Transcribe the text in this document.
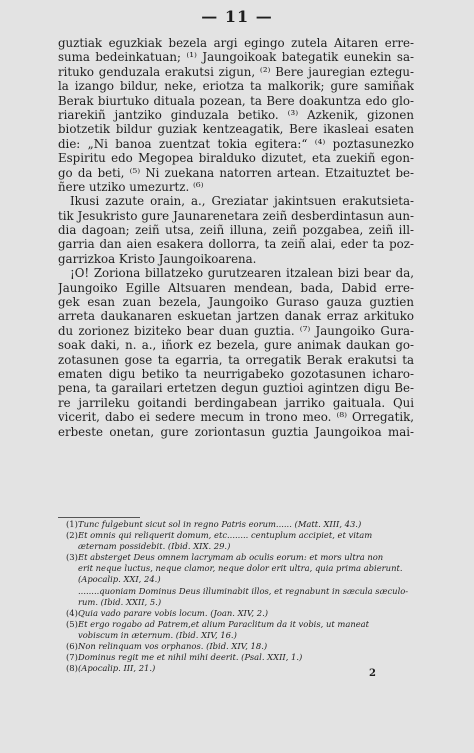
— 11 —
guztiak eguzkiak bezela argi egingo zutela Aitaren erre-
suma bedeinkatuan; ⁽¹⁾ Jaungoikoak bategatik eunekin sa-
rituko genduzala erakutsi zigun, ⁽²⁾ Bere jauregian eztegu-
la izango bildur, neke, eriotza ta malkorik; gure samiñak
Berak biurtuko dituala pozean, ta Bere doakuntza edo glo-
riarekiñ jantziko ginduzala betiko. ⁽³⁾ Azkenik, gizonen
biotzetik bildur guziak kentzeagatik, Bere ikasleai esaten
die: „Ni banoa zuentzat tokia egitera:“ ⁽⁴⁾ poztasunezko
Espiritu edo Megopea biralduko dizutet, eta zuekiñ egon-
go da beti, ⁽⁵⁾ Ni zuekana natorren artean. Etzaituztet be-
ñere utziko umezurtz. ⁽⁶⁾
Ikusi zazute orain, a., Greziatar jakintsuen erakutsieta-
tik Jesukristo gure Jaunarenetara zeiñ desberdintasun aun-
dia dagoan; zeiñ utsa, zeiñ illuna, zeiñ pozgabea, zeiñ ill-
garria dan aien esakera dollorra, ta zeiñ alai, eder ta poz-
garrizkoa Kristo Jaungoikoarena.
¡O! Zoriona billatzeko gurutzearen itzalean bizi bear da,
Jaungoiko Egille Altsuaren mendean, bada, Dabid erre-
gek esan zuan bezela, Jaungoiko Guraso gauza guztien
arreta daukanaren eskuetan jartzen danak erraz arkituko
du zorionez biziteko bear duan guztia. ⁽⁷⁾ Jaungoiko Gura-
soak daki, n. a., iñork ez bezela, gure animak daukan go-
zotasunen gose ta egarria, ta orregatik Berak erakutsi ta
ematen digu betiko ta neurrigabeko gozotasunen icharo-
pena, ta garailari ertetzen degun guztioi agintzen digu Be-
re jarrileku goitandi berdingabean jarriko gaituala. Qui
vicerit, dabo ei sedere mecum in trono meo. ⁽⁸⁾ Orregatik,
erbeste onetan, gure zoriontasun guztia Jaungoikoa mai-
(1)Tunc fulgebunt sicut sol in regno Patris eorum...... (Matt. XIII, 43.)
(2)Et omnis qui reliquerit domum, etc........ centuplum accipiet, et vitam
æternam possidebit. (Ibid. XIX. 29.)
(3)Et absterget Deus omnem lacrymam ab oculis eorum: et mors ultra non
erit neque luctus, neque clamor, neque dolor erit ultra, quia prima abierunt.
(Apocalip. XXI, 24.)
........quoniam Dominus Deus illuminabit illos, et regnabunt in sæcula sæculo-
rum. (Ibid. XXII, 5.)
(4)Quia vado parare vobis locum. (Joan. XIV, 2.)
(5)Et ergo rogabo ad Patrem,et alium Paraclitum da it vobis, ut maneat
vobiscum in æternum. (Ibid. XIV, 16.)
(6)Non relinquam vos orphanos. (Ibid. XIV, 18.)
(7)Dominus regit me et nihil mihi deerit. (Psal. XXII, 1.)
(8)(Apocalip. III, 21.)	2
